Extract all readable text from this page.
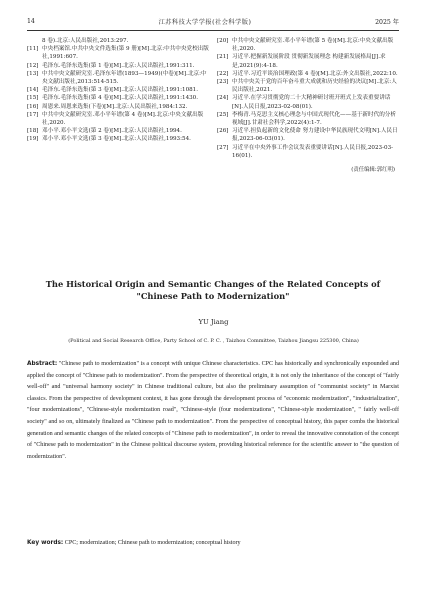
14	江苏科技大学学报(社会科学版)	2025 年
8 卷).北京:人民出版社,2013:297.
[11] 中央档案馆.中共中央文件选集(第 9 册)[M].北京:中共中央党校出版社,1991:607.
[12] 毛泽东.毛泽东选集(第 1 卷)[M].北京:人民出版社,1991:311.
[13] 中共中央文献研究室.毛泽东年谱(1893—1949)(中卷)[M].北京:中央文献出版社,2013:514-515.
[14] 毛泽东.毛泽东选集(第 3 卷)[M].北京:人民出版社,1991:1081.
[15] 毛泽东.毛泽东选集(第 4 卷)[M].北京:人民出版社,1991:1430.
[16] 周恩来.周恩来选集(下卷)[M].北京:人民出版社,1984:132.
[17] 中共中央文献研究室.邓小平年谱(第 4 卷)[M].北京:中央文献出版社,2020.
[18] 邓小平.邓小平文选(第 2 卷)[M].北京:人民出版社,1994.
[19] 邓小平.邓小平文选(第 3 卷)[M].北京:人民出版社,1993:54.
[20] 中共中央文献研究室.邓小平年谱(第 5 卷)[M].北京:中央文献出版社,2020.
[21] 习近平.把握新发展阶段 贯彻新发展理念 构建新发展格局[J].求是,2021(9):4-18.
[22] 习近平.习近平谈治国理政(第 4 卷)[M].北京:外文出版社,2022:10.
[23] 中共中央关于党的百年奋斗重大成就和历史经验的决议[M].北京:人民出版社,2021.
[24] 习近平.在学习贯彻党的二十大精神研讨班开班式上发表重要讲话[N].人民日报,2023-02-08(01).
[25] 李梅青.马克思主义核心理念与中国式现代化——基于新时代的分析视域[J].甘肃社会科学,2022(4):1-7.
[26] 习近平.担负起新的文化使命 努力建设中华民族现代文明[N].人民日报,2023-06-03(01).
[27] 习近平在中央外事工作会议发表重要讲话[N].人民日报,2023-03-16(01).
(责任编辑:郭红明)
The Historical Origin and Semantic Changes of the Related Concepts of
"Chinese Path to Modernization"
YU Jiang
(Political and Social Research Office, Party School of C. P. C. , Taizhou Committee, Taizhou Jiangsu 225300, China)
Abstract: "Chinese path to modernization" is a concept with unique Chinese characteristics. CPC has historically and synchronically expounded and applied the concept of "Chinese path to modernization". From the perspective of theoretical origin, it is not only the inheritance of the concept of "fairly well-off" and "universal harmony society" in Chinese traditional culture, but also the preliminary assumption of "communist society" in Marxist classics. From the perspective of development context, it has gone through the development process of "economic modernization", "industrialization", "four modernizations", "Chinese-style modernization road", "Chinese-style (four modernizations", "Chinese-style modernization", " fairly well-off society" and so on, ultimately finalized as "Chinese path to modernization". From the perspective of conceptual history, this paper combs the historical generation and semantic changes of the related concepts of "Chinese path to modernization", in order to reveal the innovative connotation of the concept of "Chinese path to modernization" in the Chinese political discourse system, providing historical reference for the scientific answer to "the question of modernization".
Key words: CPC; modernization; Chinese path to modernization; conceptual history
